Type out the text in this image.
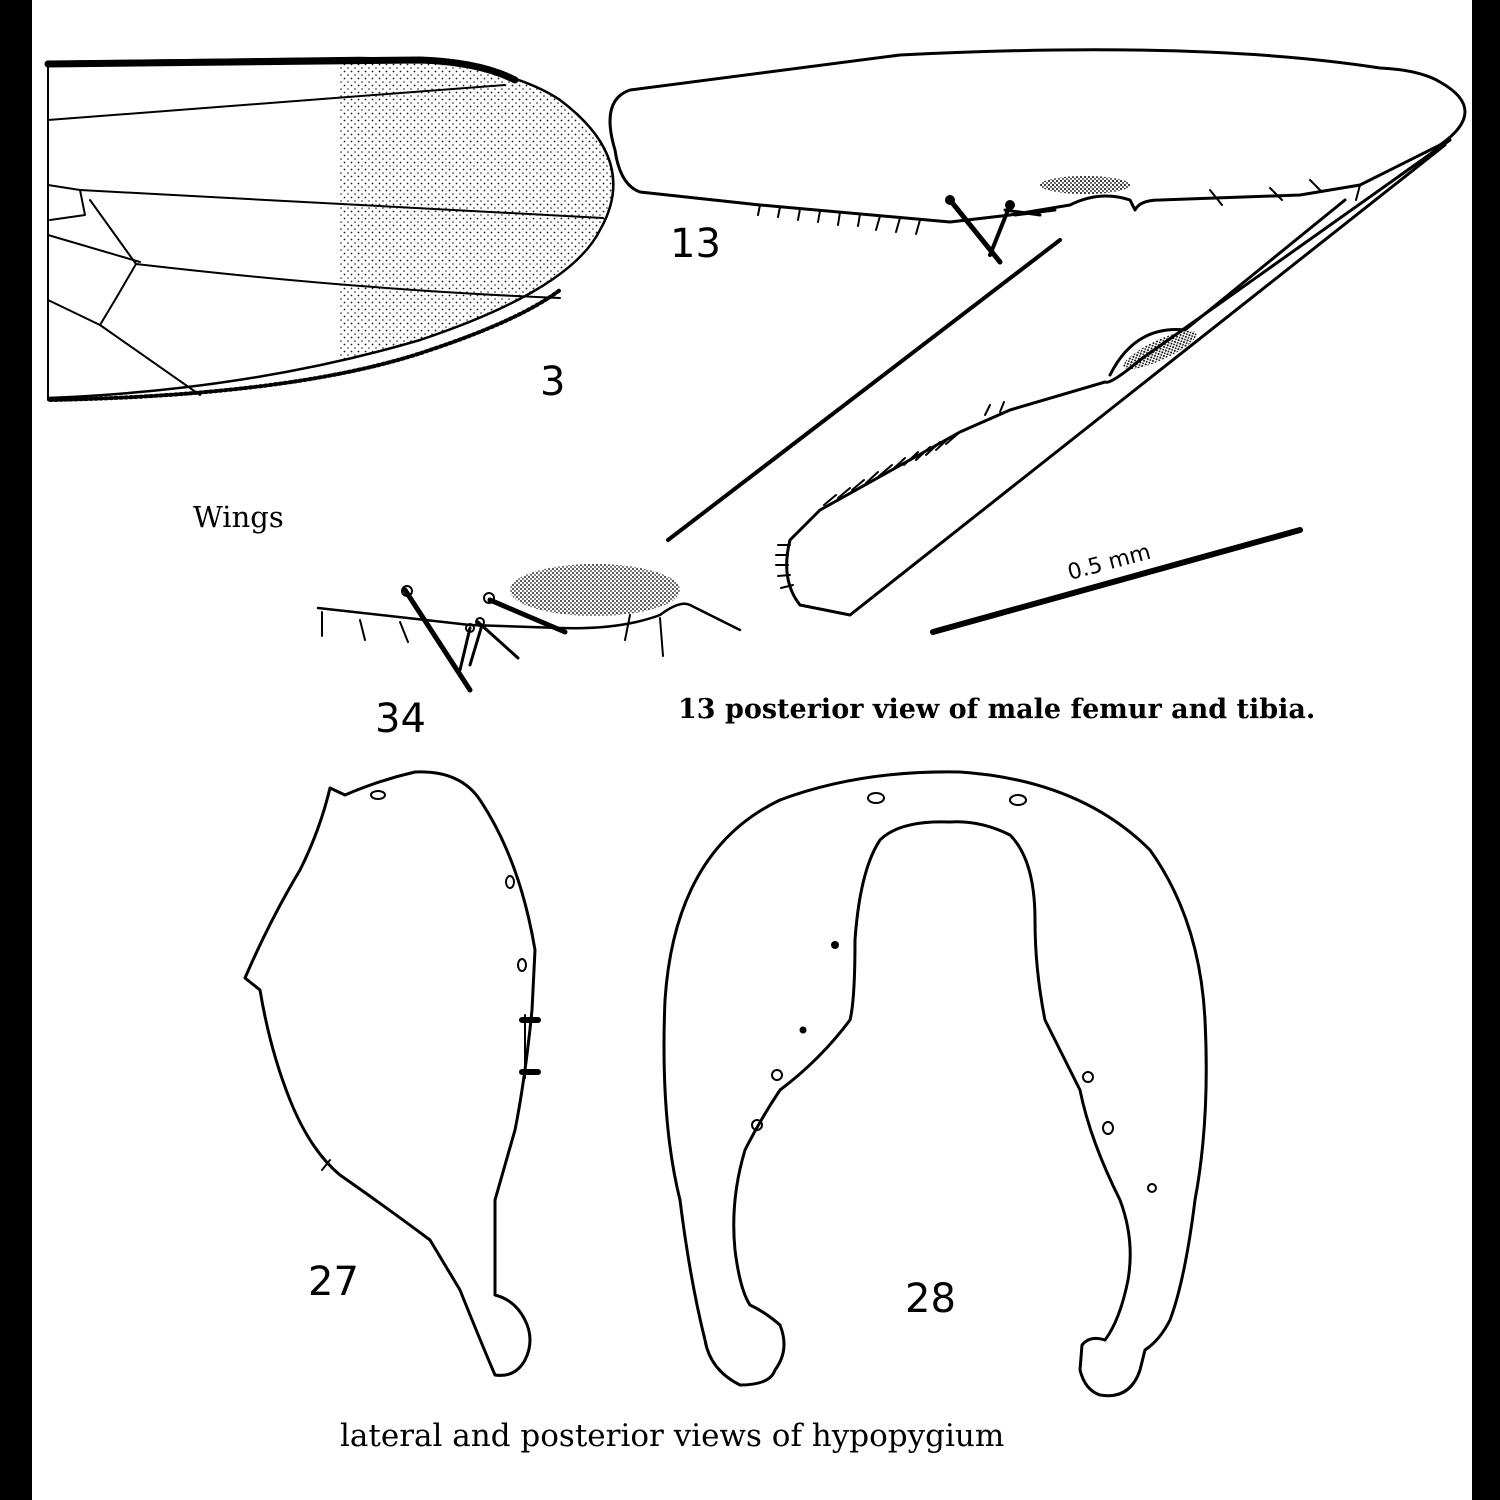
3
Wings
0.5 mm
13
34	13 posterior view of male femur and tibia.
27	28
lateral and posterior views of hypopygium
